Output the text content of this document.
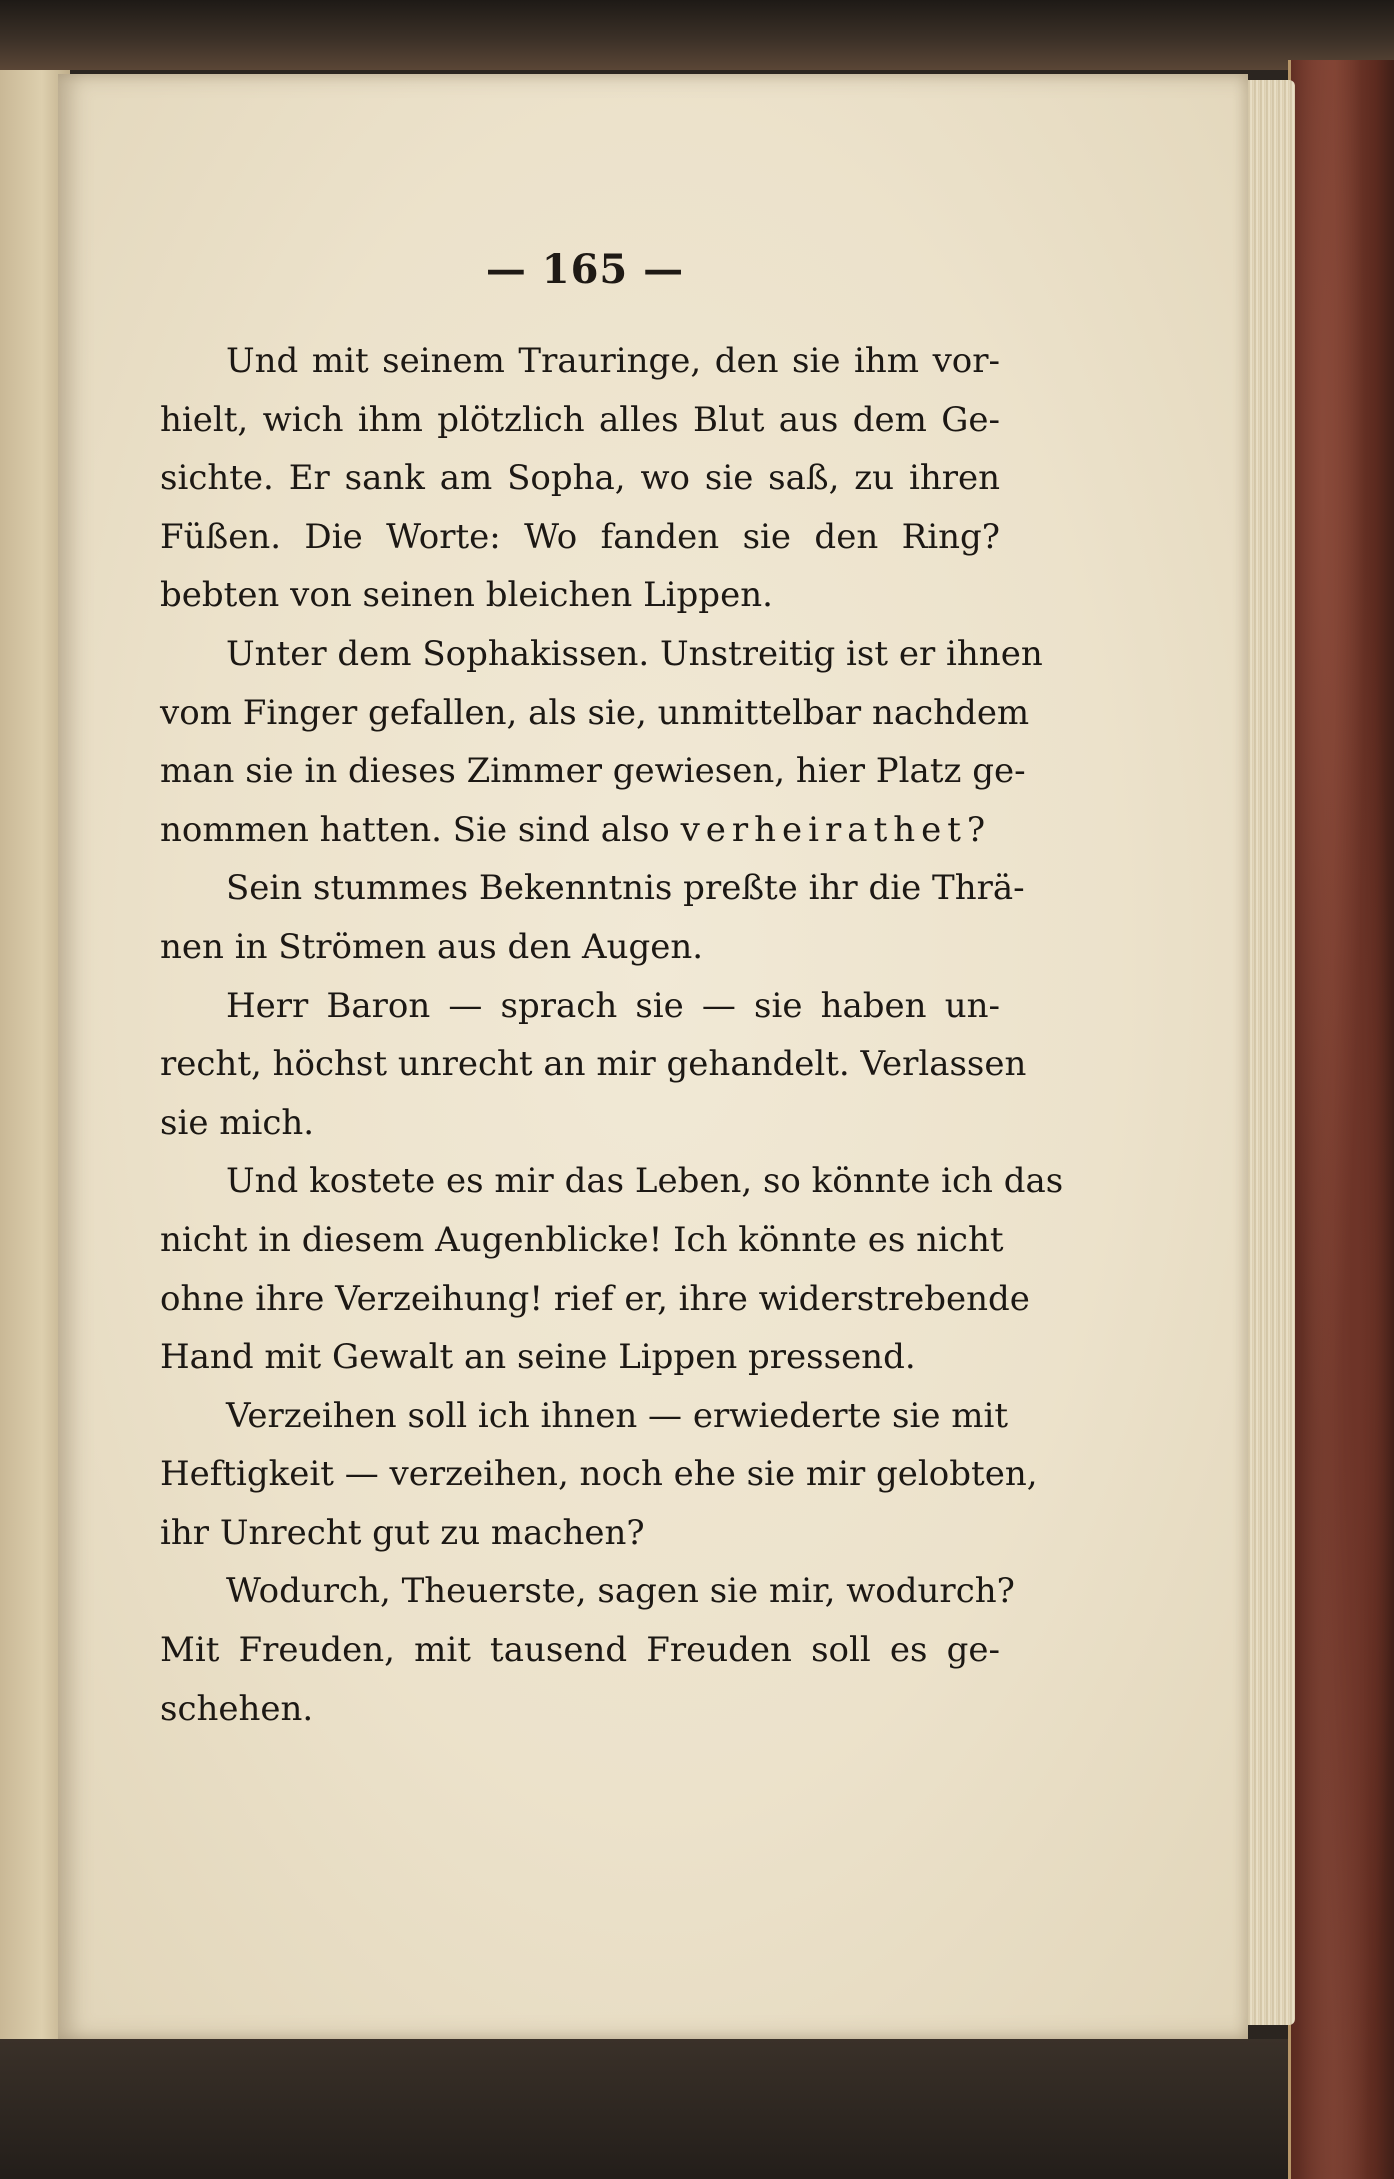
— 165 —
Und mit seinem Trauringe, den sie ihm vor-
hielt, wich ihm plötzlich alles Blut aus dem Ge-
sichte. Er sank am Sopha, wo sie saß, zu ihren
Füßen. Die Worte: Wo fanden sie den Ring?
bebten von seinen bleichen Lippen.
Unter dem Sophakissen. Unstreitig ist er ihnen
vom Finger gefallen, als sie, unmittelbar nachdem
man sie in dieses Zimmer gewiesen, hier Platz ge-
nommen hatten. Sie sind also verheirathet?
Sein stummes Bekenntnis preßte ihr die Thrä-
nen in Strömen aus den Augen.
Herr Baron — sprach sie — sie haben un-
recht, höchst unrecht an mir gehandelt. Verlassen
sie mich.
Und kostete es mir das Leben, so könnte ich das
nicht in diesem Augenblicke! Ich könnte es nicht
ohne ihre Verzeihung! rief er, ihre widerstrebende
Hand mit Gewalt an seine Lippen pressend.
Verzeihen soll ich ihnen — erwiederte sie mit
Heftigkeit — verzeihen, noch ehe sie mir gelobten,
ihr Unrecht gut zu machen?
Wodurch, Theuerste, sagen sie mir, wodurch?
Mit Freuden, mit tausend Freuden soll es ge-
schehen.
